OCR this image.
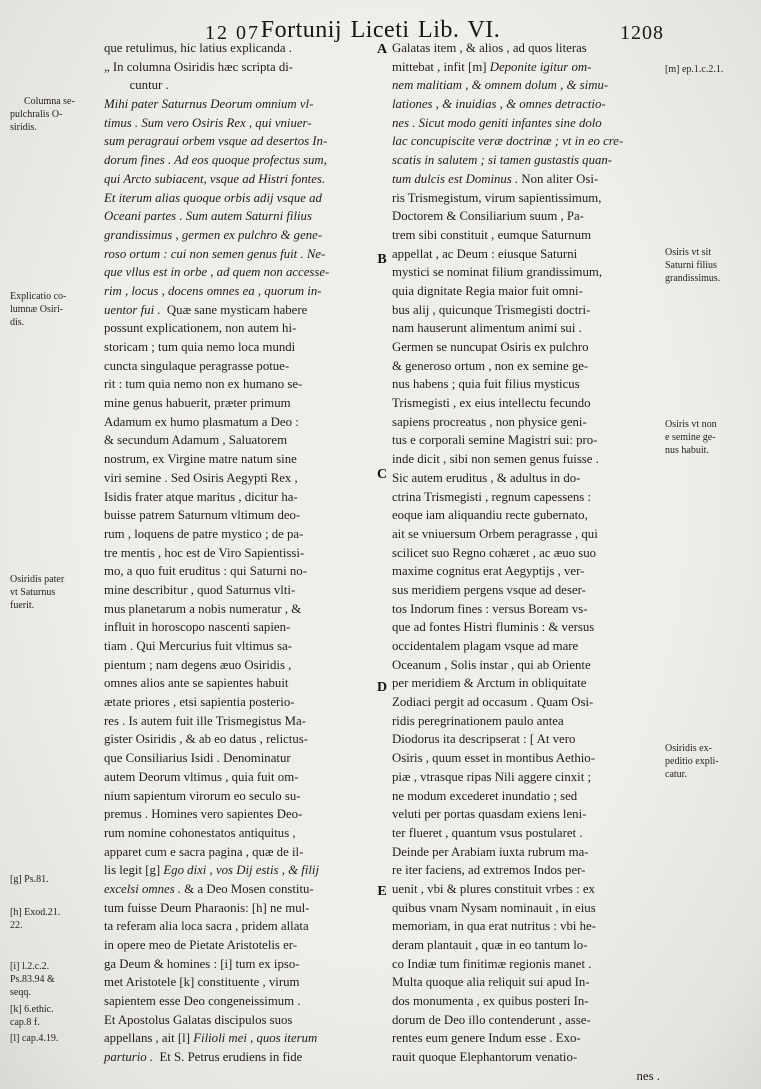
Fortunij Liceti Lib. VI.
12 07	1208
Columna se-
pulchralis O-
siridis.
Explicatio co-
lumnæ Osiri-
dis.
Osiridis pater
vt Saturnus
fuerit.
[g] Ps.81.
[h] Exod.21.
22.
[i] l.2.c.2.
Ps.83.94 &
seqq.
[k] 6.ethic.
cap.8 f.
[l] cap.4.19.
que retulimus, hic latius explicanda .
„ In columna Osiridis hæc scripta di-
cuntur .
Mihi pater Saturnus Deorum omnium vl-
timus . Sum vero Osiris Rex , qui vniuer-
sum peragraui orbem vsque ad desertos In-
dorum fines . Ad eos quoque profectus sum,
qui Arcto subiacent, vsque ad Histri fontes.
Et iterum alias quoque orbis adij vsque ad
Oceani partes . Sum autem Saturni filius
grandissimus , germen ex pulchro & gene-
roso ortum : cui non semen genus fuit . Ne-
que vllus est in orbe , ad quem non accesse-
rim , locus , docens omnes ea , quorum in-
uentor fui .  Quæ sane mysticam habere
possunt explicationem, non autem hi-
storicam ; tum quia nemo loca mundi
cuncta singulaque peragrasse potue-
rit : tum quia nemo non ex humano se-
mine genus habuerit, præter primum
Adamum ex humo plasmatum a Deo :
& secundum Adamum , Saluatorem
nostrum, ex Virgine matre natum sine
viri semine . Sed Osiris Aegypti Rex ,
Isidis frater atque maritus , dicitur ha-
buisse patrem Saturnum vltimum deo-
rum , loquens de patre mystico ; de pa-
tre mentis , hoc est de Viro Sapientissi-
mo, a quo fuit eruditus : qui Saturni no-
mine describitur , quod Saturnus vlti-
mus planetarum a nobis numeratur , &
influit in horoscopo nascenti sapien-
tiam . Qui Mercurius fuit vltimus sa-
pientum ; nam degens æuo Osiridis ,
omnes alios ante se sapientes habuit
ætate priores , etsi sapientia posterio-
res . Is autem fuit ille Trismegistus Ma-
gister Osiridis , & ab eo datus , relictus-
que Consiliarius Isidi . Denominatur
autem Deorum vltimus , quia fuit om-
nium sapientum virorum eo seculo su-
premus . Homines vero sapientes Deo-
rum nomine cohonestatos antiquitus ,
apparet cum e sacra pagina , quæ de il-
lis legit [g] Ego dixi , vos Dij estis , & filij
excelsi omnes . & a Deo Mosen constitu-
tum fuisse Deum Pharaonis: [h] ne mul-
ta referam alia loca sacra , pridem allata
in opere meo de Pietate Aristotelis er-
ga Deum & homines : [i] tum ex ipso-
met Aristotele [k] constituente , virum
sapientem esse Deo congeneissimum .
Et Apostolus Galatas discipulos suos
appellans , ait [l] Filioli mei , quos iterum
parturio .  Et S. Petrus erudiens in fide
A
B
C
D
E
Galatas item , & alios , ad quos literas
mittebat , infit [m] Deponite igitur om-
nem malitiam , & omnem dolum , & simu-
lationes , & inuidias , & omnes detractio-
nes . Sicut modo geniti infantes sine dolo
lac concupiscite veræ doctrinæ ; vt in eo cre-
scatis in salutem ; si tamen gustastis quan-
tum dulcis est Dominus . Non aliter Osi-
ris Trismegistum, virum sapientissimum,
Doctorem & Consiliarium suum , Pa-
trem sibi constituit , eumque Saturnum
appellat , ac Deum : eiusque Saturni
mystici se nominat filium grandissimum,
quia dignitate Regia maior fuit omni-
bus alij , quicunque Trismegisti doctri-
nam hauserunt alimentum animi sui .
Germen se nuncupat Osiris ex pulchro
& generoso ortum , non ex semine ge-
nus habens ; quia fuit filius mysticus
Trismegisti , ex eius intellectu fecundo
sapiens procreatus , non physice geni-
tus e corporali semine Magistri sui: pro-
inde dicit , sibi non semen genus fuisse .
Sic autem eruditus , & adultus in do-
ctrina Trismegisti , regnum capessens :
eoque iam aliquandiu recte gubernato,
ait se vniuersum Orbem peragrasse , qui
scilicet suo Regno cohæret , ac æuo suo
maxime cognitus erat Aegyptijs , ver-
sus meridiem pergens vsque ad deser-
tos Indorum fines : versus Boream vs-
que ad fontes Histri fluminis : & versus
occidentalem plagam vsque ad mare
Oceanum , Solis instar , qui ab Oriente
per meridiem & Arctum in obliquitate
Zodiaci pergit ad occasum . Quam Osi-
ridis peregrinationem paulo antea
Diodorus ita descripserat : [ At vero
Osiris , quum esset in montibus Aethio-
piæ , vtrasque ripas Nili aggere cinxit ;
ne modum excederet inundatio ; sed
veluti per portas quasdam exiens leni-
ter flueret , quantum vsus postularet .
Deinde per Arabiam iuxta rubrum ma-
re iter faciens, ad extremos Indos per-
uenit , vbi & plures constituit vrbes : ex
quibus vnam Nysam nominauit , in eius
memoriam, in qua erat nutritus : vbi he-
deram plantauit , quæ in eo tantum lo-
co Indiæ tum finitimæ regionis manet .
Multa quoque alia reliquit sui apud In-
dos monumenta , ex quibus posteri In-
dorum de Deo illo contenderunt , asse-
rentes eum genere Indum esse . Exo-
rauit quoque Elephantorum venatio-
nes .
[m] ep.1.c.2.1.
Osiris vt sit
Saturni filius
grandissimus.
Osiris vt non
e semine ge-
nus habuit.
Osiridis ex-
peditio expli-
catur.
